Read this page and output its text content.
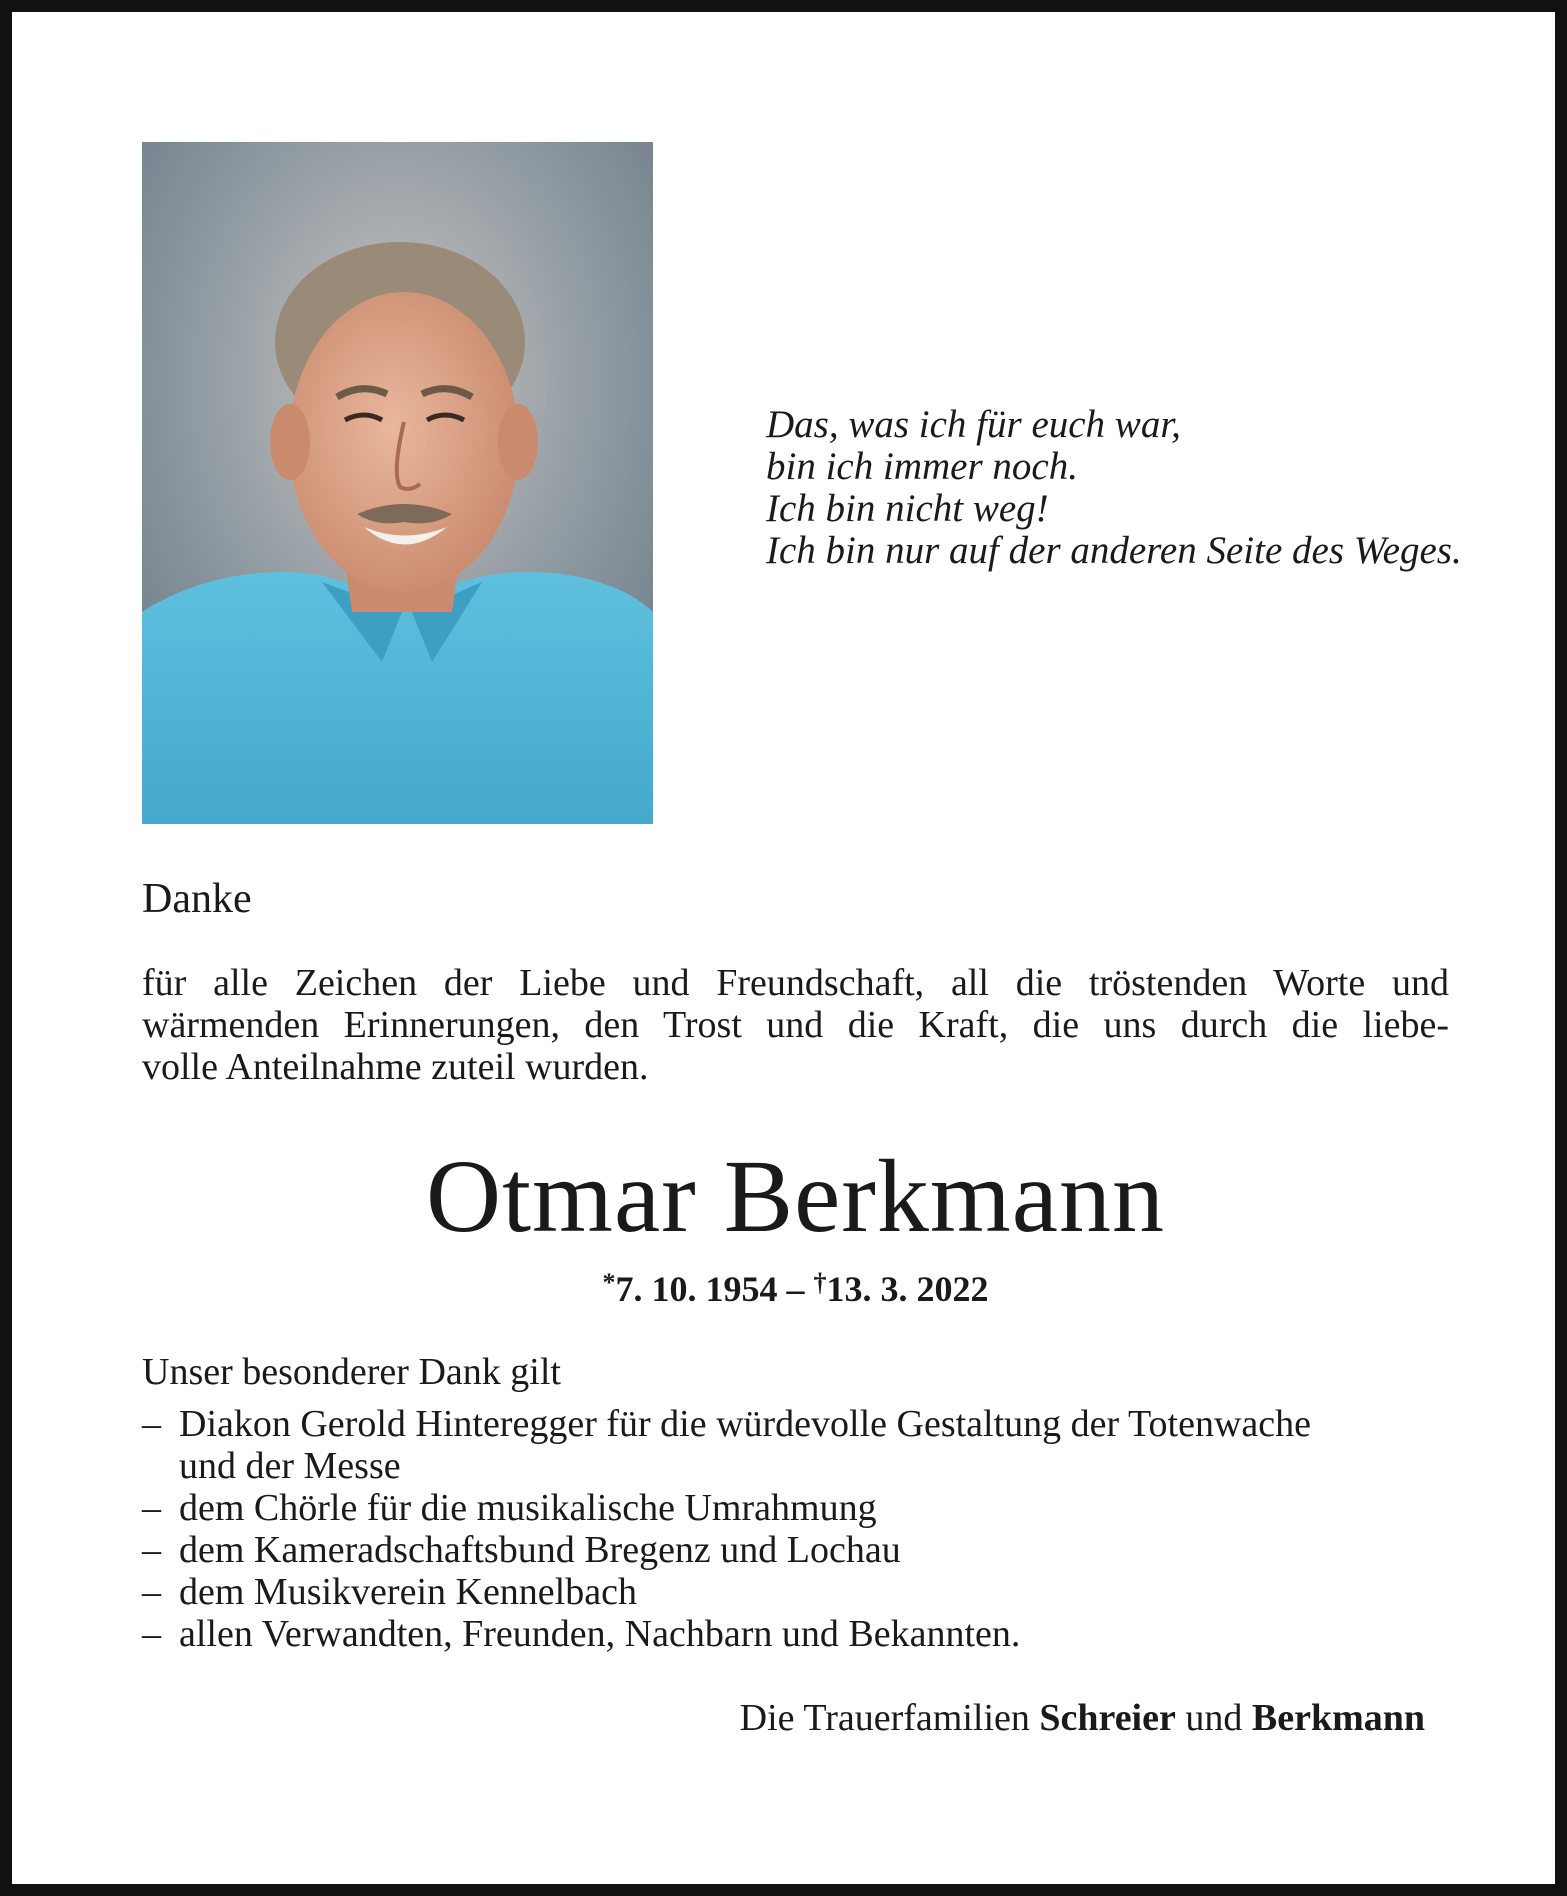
Das, was ich für euch war,
bin ich immer noch.
Ich bin nicht weg!
Ich bin nur auf der anderen Seite des Weges.
Danke
für alle Zeichen der Liebe und Freundschaft, all die tröstenden Worte und
wärmenden Erinnerungen, den Trost und die Kraft, die uns durch die liebe-
volle Anteilnahme zuteil wurden.
Otmar Berkmann
*7. 10. 1954 – †13. 3. 2022
Unser besonderer Dank gilt
– Diakon Gerold Hinteregger für die würdevolle Gestaltung der Totenwache
und der Messe
– dem Chörle für die musikalische Umrahmung
– dem Kameradschaftsbund Bregenz und Lochau
– dem Musikverein Kennelbach
– allen Verwandten, Freunden, Nachbarn und Bekannten.
Die Trauerfamilien Schreier und Berkmann
